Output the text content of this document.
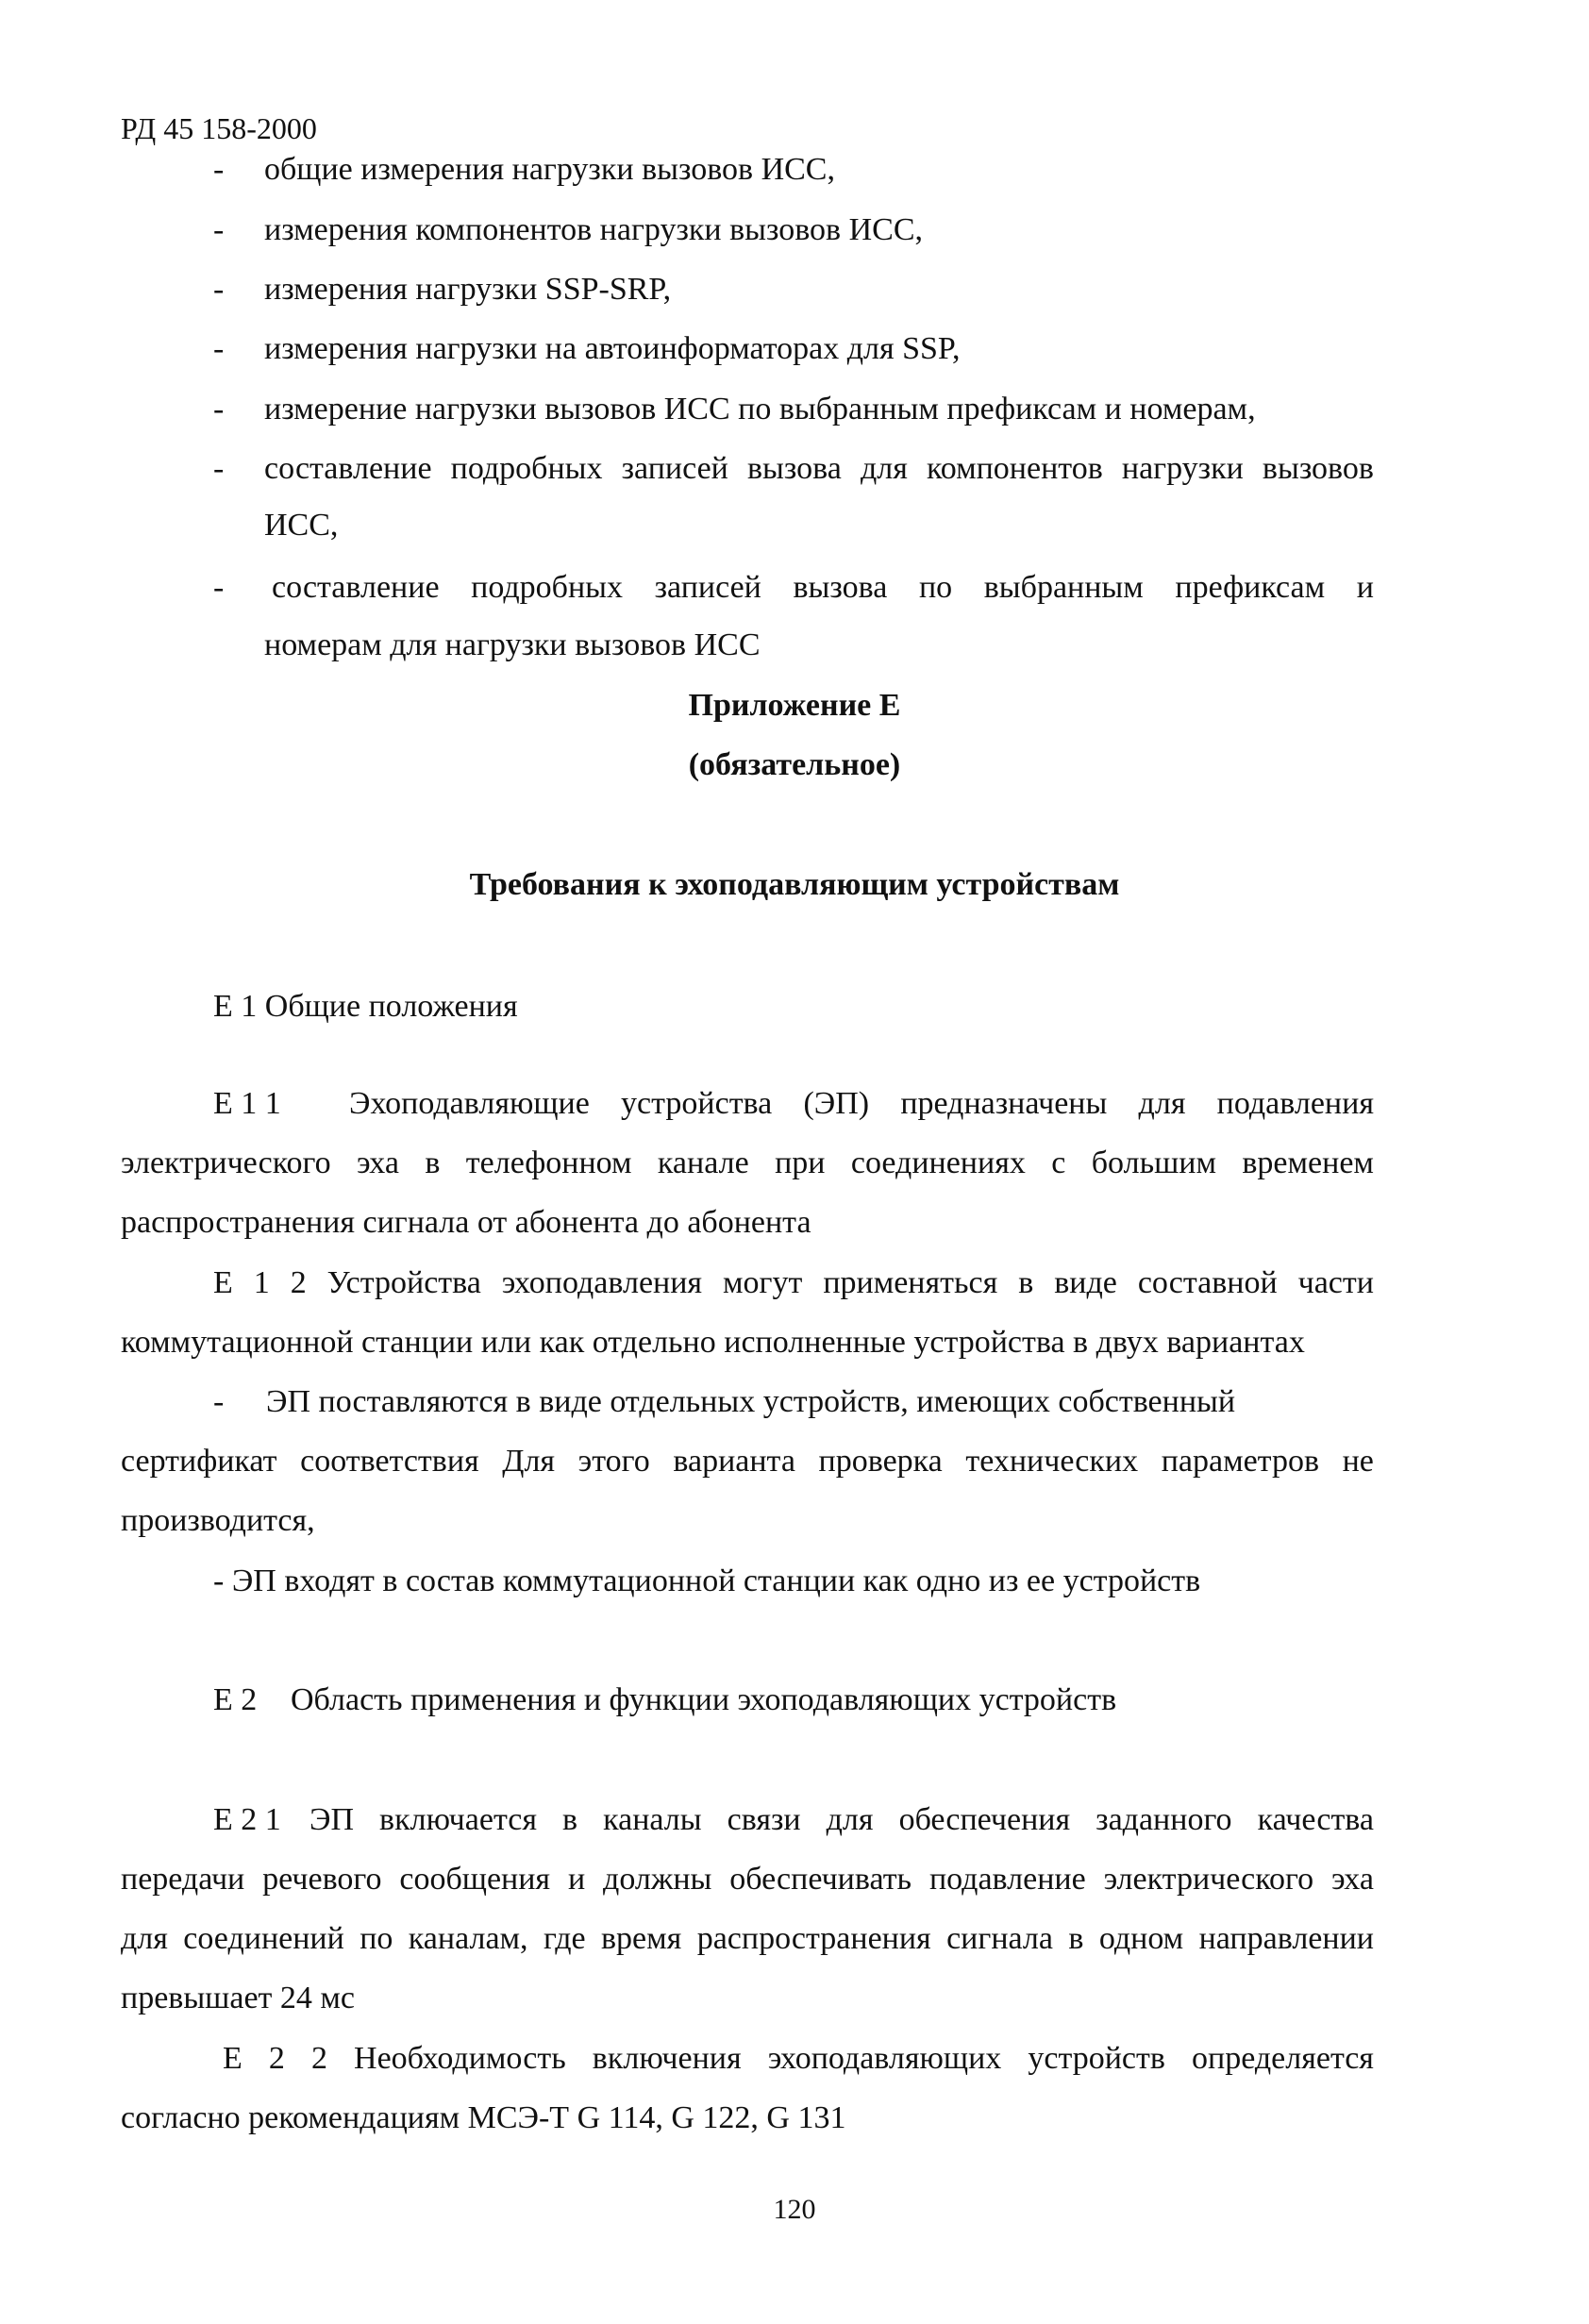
РД 45 158-2000
- общие измерения нагрузки вызовов ИСС,
- измерения компонентов нагрузки вызовов ИСС,
- измерения нагрузки SSP-SRP,
- измерения нагрузки на автоинформаторах для SSP,
- измерение нагрузки вызовов ИСС по выбранным префиксам и номерам,
- составление подробных записей вызова для компонентов нагрузки вызовов
ИСС,
- составление подробных записей вызова по выбранным префиксам и
номерам для нагрузки вызовов ИСС
Приложение Е
(обязательное)
Требования к эхоподавляющим устройствам
Е 1 Общие положения
Е 1 1 Эхоподавляющие устройства (ЭП) предназначены для подавления
электрического эха в телефонном канале при соединениях с большим временем
распространения сигнала от абонента до абонента
Е 1 2 Устройства эхоподавления могут применяться в виде составной части
коммутационной станции или как отдельно исполненные устройства в двух вариантах
- ЭП поставляются в виде отдельных устройств, имеющих собственный
сертификат соответствия Для этого варианта проверка технических параметров не
производится,
- ЭП входят в состав коммутационной станции как одно из ее устройств
Е 2 Область применения и функции эхоподавляющих устройств
Е 2 1 ЭП включается в каналы связи для обеспечения заданного качества
передачи речевого сообщения и должны обеспечивать подавление электрического эха
для соединений по каналам, где время распространения сигнала в одном направлении
превышает 24 мс
Е 2 2 Необходимость включения эхоподавляющих устройств определяется
согласно рекомендациям МСЭ-Т G 114, G 122, G 131
120
